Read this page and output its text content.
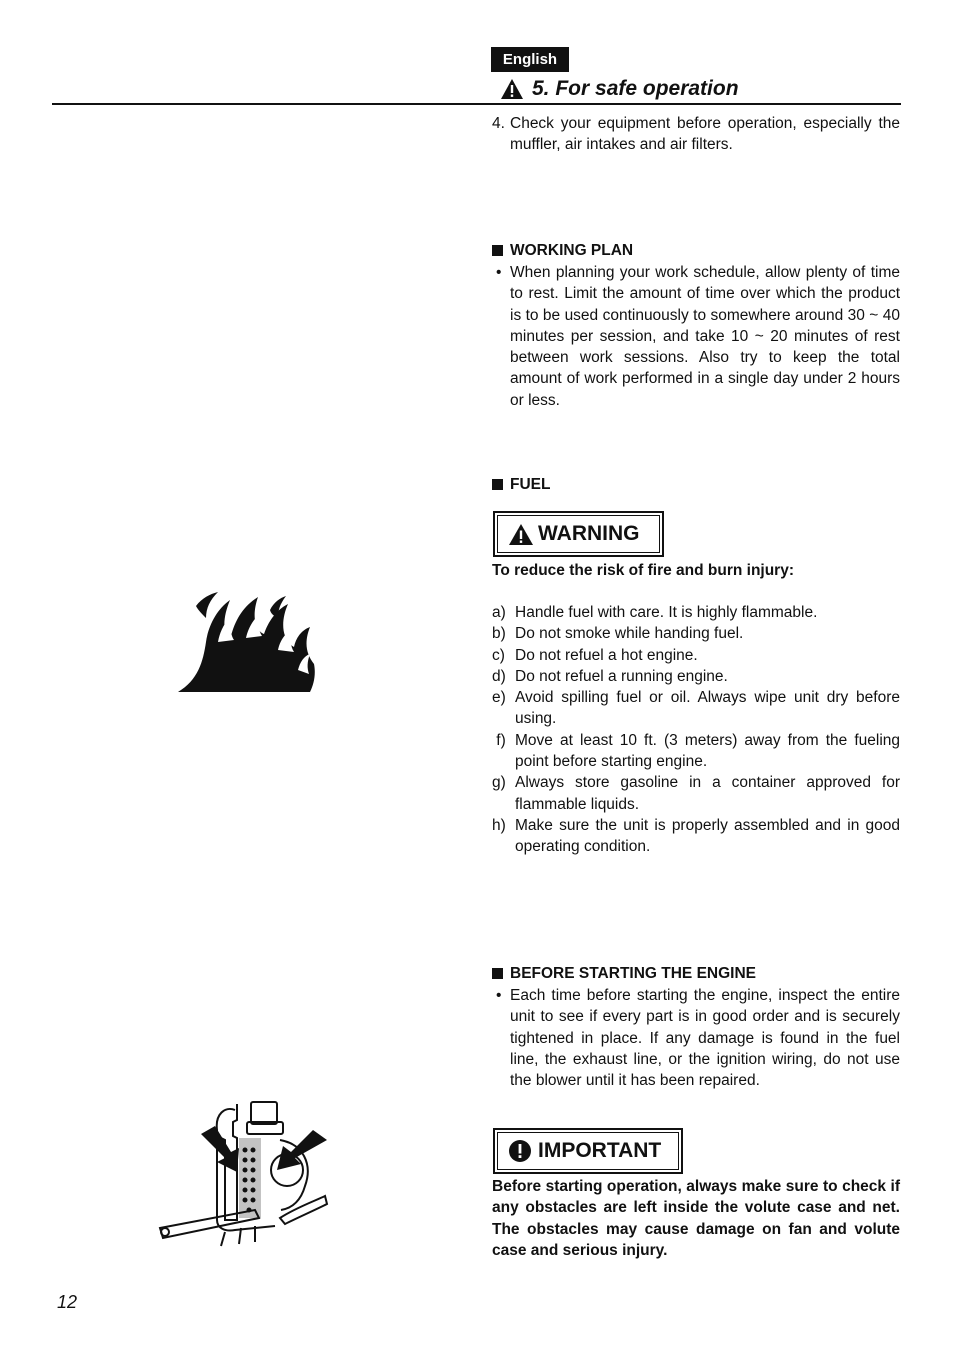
English
5. For safe operation
4. Check your equipment before operation, especially the muffler, air intakes and air filters.
WORKING PLAN
• When planning your work schedule, allow plenty of time to rest. Limit the amount of time over which the product is to be used continuously to somewhere around 30 ~ 40 minutes per session, and take 10 ~ 20 minutes of rest between work sessions. Also try to keep the total amount of work performed in a single day under 2 hours or less.
FUEL
WARNING
To reduce the risk of fire and burn injury:
a) Handle fuel with care. It is highly flammable.
b) Do not smoke while handing fuel.
c) Do not refuel a hot engine.
d) Do not refuel a running engine.
e) Avoid spilling fuel or oil. Always wipe unit dry before using.
f) Move at least 10 ft. (3 meters) away from the fueling point before starting engine.
g) Always store gasoline in a container approved for flammable liquids.
h) Make sure the unit is properly assembled and in good operating condition.
BEFORE STARTING THE ENGINE
• Each time before starting the engine, inspect the entire unit to see if every part is in good order and is securely tightened in place. If any damage is found in the fuel line, the exhaust line, or the ignition wiring, do not use the blower until it has been repaired.
IMPORTANT
Before starting operation, always make sure to check if any obstacles are left inside the volute case and net. The obstacles may cause damage on fan and volute case and serious injury.
12
